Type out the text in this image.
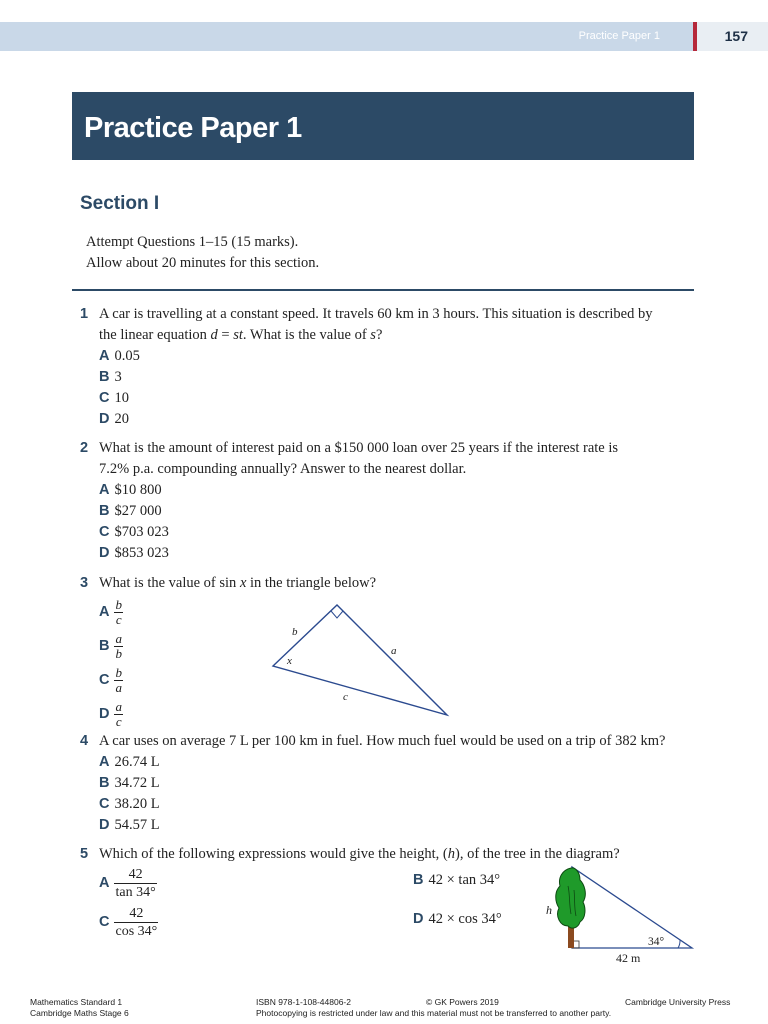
Practice Paper 1	157
Practice Paper 1
Section I
Attempt Questions 1–15 (15 marks).
Allow about 20 minutes for this section.
1 A car is travelling at a constant speed. It travels 60 km in 3 hours. This situation is described by
the linear equation d = st. What is the value of s?
A 0.05
B 3
C 10
D 20
2 What is the amount of interest paid on a $150 000 loan over 25 years if the interest rate is
7.2% p.a. compounding annually? Answer to the nearest dollar.
A $10 800
B $27 000
C $703 023
D $853 023
3 What is the value of sin x in the triangle below?
A $\frac{b}{c}$
B $\frac{a}{b}$
C $\frac{b}{a}$
D $\frac{a}{c}$
b
a
c
x
4 A car uses on average 7 L per 100 km in fuel. How much fuel would be used on a trip of 382 km?
A 26.74 L
B 34.72 L
C 38.20 L
D 54.57 L
5 Which of the following expressions would give the height, (h), of the tree in the diagram?
A $\frac{42}{\tan 34^\circ}$
C $\frac{42}{\cos 34^\circ}$
B 42 × tan 34°
D 42 × cos 34°
h
34°
42 m
Mathematics Standard 1
Cambridge Maths Stage 6
ISBN 978-1-108-44806-2	© GK Powers 2019
Photocopying is restricted under law and this material must not be transferred to another party.
Cambridge University Press
